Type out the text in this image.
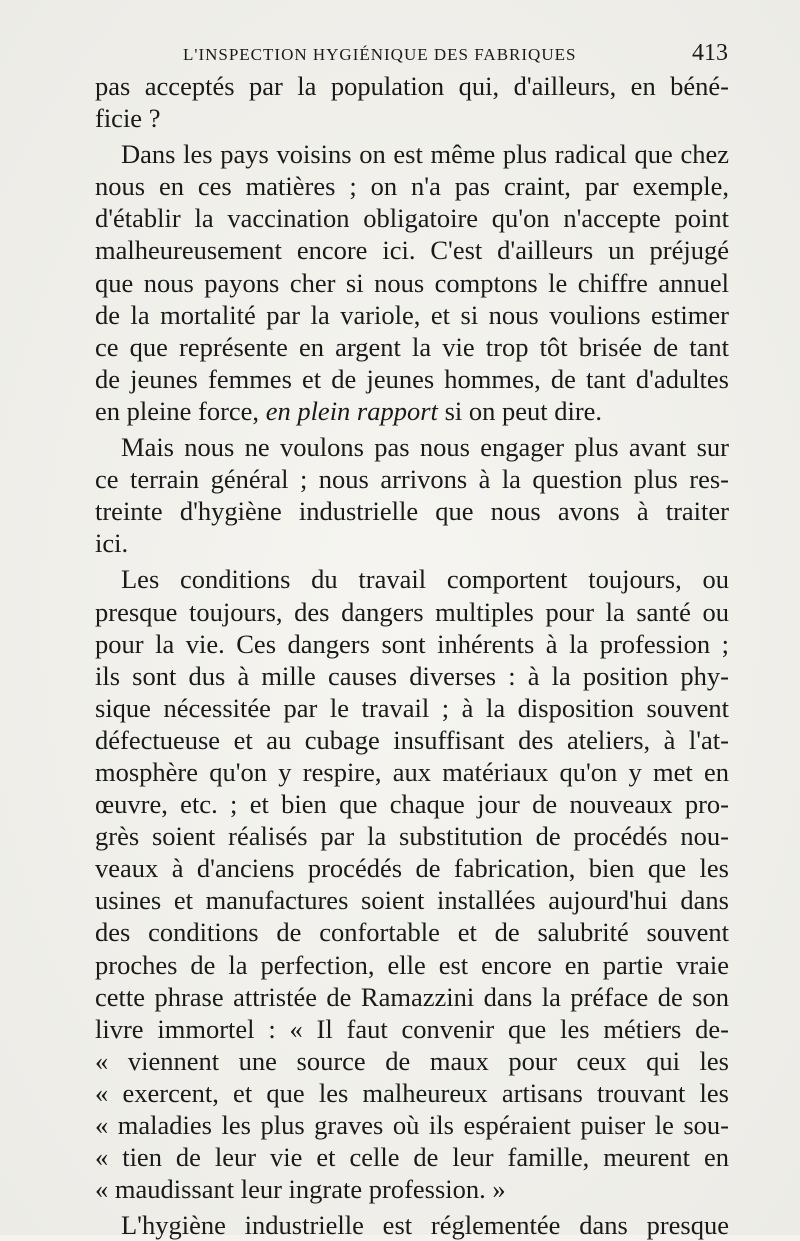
L'INSPECTION HYGIÉNIQUE DES FABRIQUES	413
pas acceptés par la population qui, d'ailleurs, en béné-
ficie ?
Dans les pays voisins on est même plus radical que chez
nous en ces matières ; on n'a pas craint, par exemple,
d'établir la vaccination obligatoire qu'on n'accepte point
malheureusement encore ici. C'est d'ailleurs un préjugé
que nous payons cher si nous comptons le chiffre annuel
de la mortalité par la variole, et si nous voulions estimer
ce que représente en argent la vie trop tôt brisée de tant
de jeunes femmes et de jeunes hommes, de tant d'adultes
en pleine force, en plein rapport si on peut dire.
Mais nous ne voulons pas nous engager plus avant sur
ce terrain général ; nous arrivons à la question plus res-
treinte d'hygiène industrielle que nous avons à traiter
ici.
Les conditions du travail comportent toujours, ou
presque toujours, des dangers multiples pour la santé ou
pour la vie. Ces dangers sont inhérents à la profession ;
ils sont dus à mille causes diverses : à la position phy-
sique nécessitée par le travail ; à la disposition souvent
défectueuse et au cubage insuffisant des ateliers, à l'at-
mosphère qu'on y respire, aux matériaux qu'on y met en
œuvre, etc. ; et bien que chaque jour de nouveaux pro-
grès soient réalisés par la substitution de procédés nou-
veaux à d'anciens procédés de fabrication, bien que les
usines et manufactures soient installées aujourd'hui dans
des conditions de confortable et de salubrité souvent
proches de la perfection, elle est encore en partie vraie
cette phrase attristée de Ramazzini dans la préface de son
livre immortel : « Il faut convenir que les métiers de-
« viennent une source de maux pour ceux qui les
« exercent, et que les malheureux artisans trouvant les
« maladies les plus graves où ils espéraient puiser le sou-
« tien de leur vie et celle de leur famille, meurent en
« maudissant leur ingrate profession. »
L'hygiène industrielle est réglementée dans presque
